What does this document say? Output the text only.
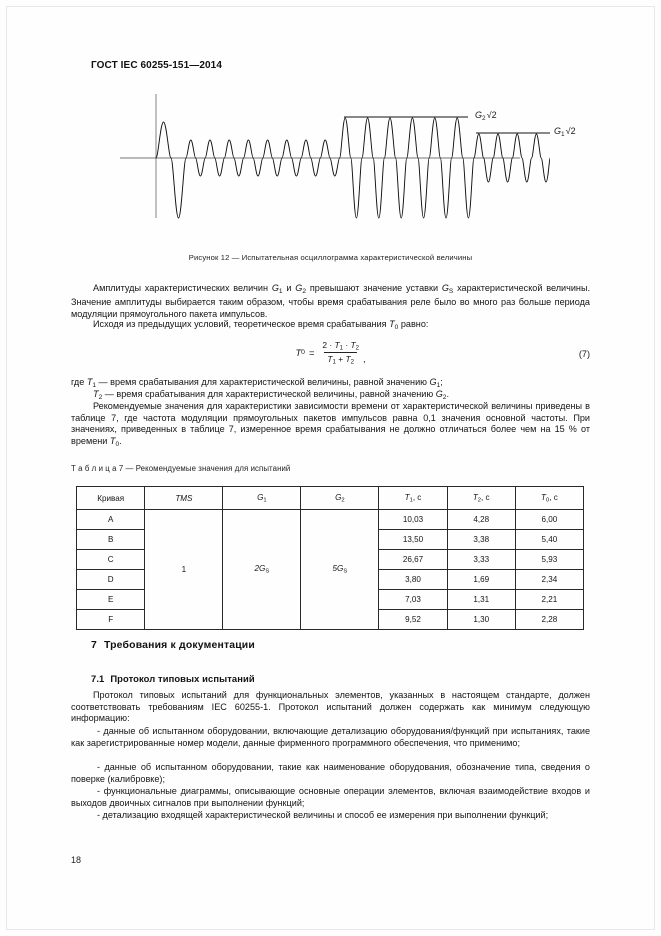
ГОСТ IEC 60255-151—2014
$G_2√2$
$G_1√2$
Рисунок 12 — Испытательная осциллограмма характеристической величины
Амплитуды характеристических величин $G_1$ и $G_2$ превышают значение уставки $G_S$ характеристической величины. Значение амплитуды выбирается таким образом, чтобы время срабатывания реле было во много раз больше периода модуляции прямоугольного пакета импульсов.
Исходя из предыдущих условий, теоретическое время срабатывания $T_0$ равно:
T $0 = \frac{2 \cdot T_1 \cdot T_2}{T_1 + T_2}$ ,	(7)
где $T_1$ — время срабатывания для характеристической величины, равной значению $G_1$;
$T_2$ — время срабатывания для характеристической величины, равной значению $G_2$.
Рекомендуемые значения для характеристики зависимости времени от характеристической величины приведены в таблице 7, где частота модуляции прямоугольных пакетов импульсов равна 0,1 значения основной частоты. При значениях, приведенных в таблице 7, измеренное время срабатывания не должно отличаться более чем на 15 % от времени $T_0$.
Т а б л и ц а 7 — Рекомендуемые значения для испытаний
Кривая	TMS	$G_1$	$G_2$	$T_1$, с	$T_2$, с	$T_0$, с
A	1	$2G_S$	$5G_S$	10,03	4,28	6,00
B				13,50	3,38	5,40
C				26,67	3,33	5,93
D				3,80	1,69	2,34
E				7,03	1,31	2,21
F				9,52	1,30	2,28
7 Требования к документации
7.1 Протокол типовых испытаний
Протокол типовых испытаний для функциональных элементов, указанных в настоящем стандарте, должен соответствовать требованиям IEC 60255-1. Протокол испытаний должен содержать как минимум следующую информацию:
- данные об испытанном оборудовании, включающие детализацию оборудования/функций при испытаниях, такие как зарегистрированные номер модели, данные фирменного программного обеспечения, что применимо;
- данные об испытанном оборудовании, такие как наименование оборудования, обозначение типа, сведения о поверке (калибровке);
- функциональные диаграммы, описывающие основные операции элементов, включая взаимодействие входов и выходов двоичных сигналов при выполнении функций;
- детализацию входящей характеристической величины и способ ее измерения при выполнении функций;
18
